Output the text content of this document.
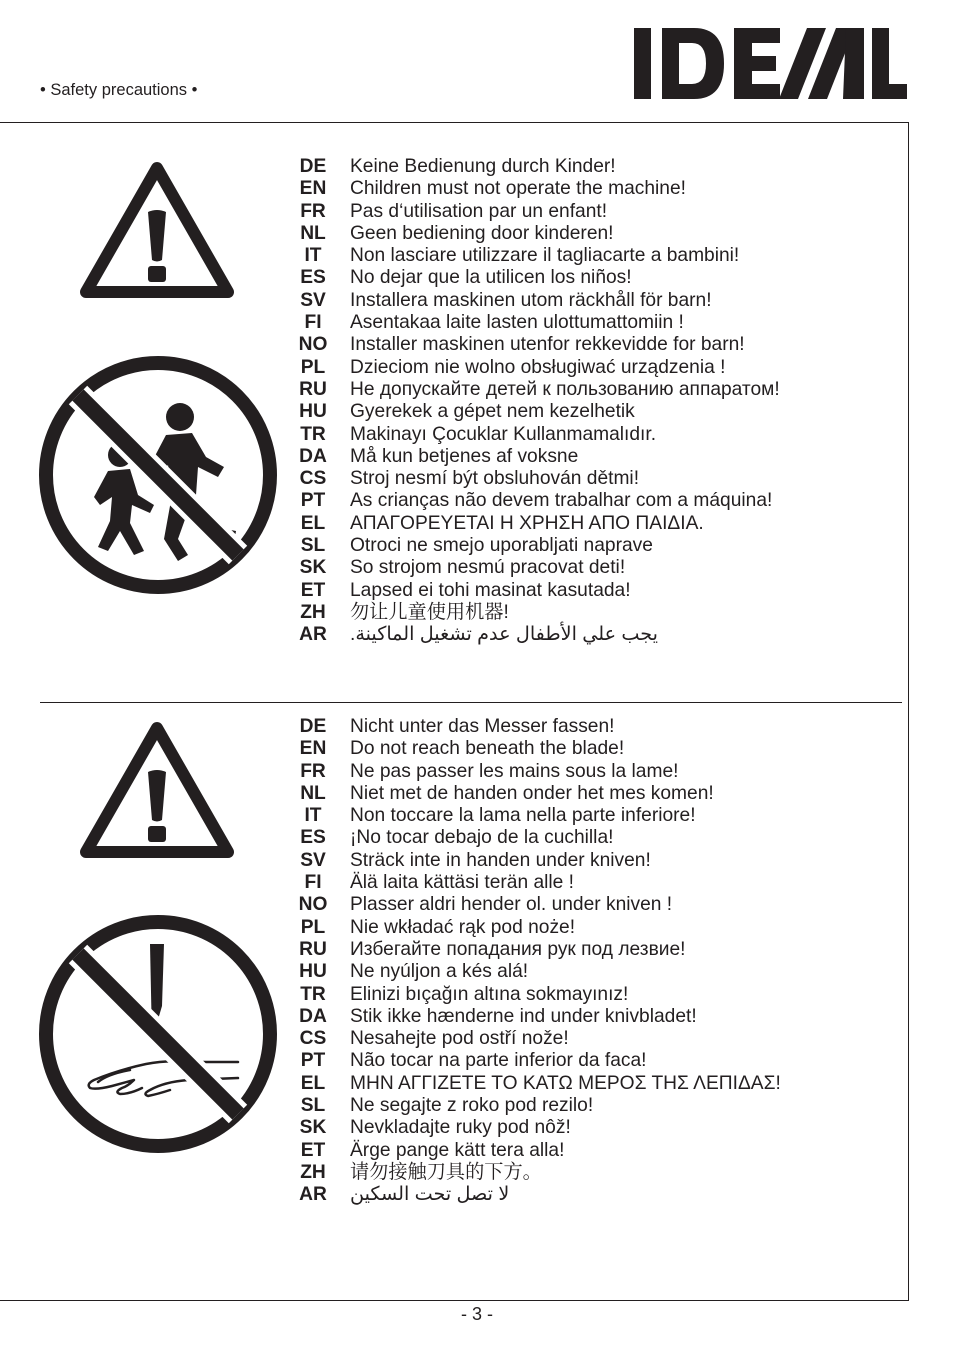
• Safety precautions •
DE Keine Bedienung durch Kinder!
EN Children must not operate the machine!
FR Pas d‘utilisation par un enfant!
NL Geen bediening door kinderen!
IT Non lasciare utilizzare il tagliacarte a bambini!
ES No dejar que la utilicen los niños!
SV Installera maskinen utom räckhåll för barn!
FI Asentakaa laite lasten ulottumattomiin !
NO Installer maskinen utenfor rekkevidde for barn!
PL Dzieciom nie wolno obsługiwać urządzenia !
RU Не допускайте детей к пользованию аппаратом!
HU Gyerekek a gépet nem kezelhetik
TR Makinayı Çocuklar Kullanmamalıdır.
DA Må kun betjenes af voksne
CS Stroj nesmí být obsluhován dětmi!
PT As crianças não devem trabalhar com a máquina!
EL ΑΠΑΓΟΡΕΥΕΤΑΙ Η ΧΡΗΣΗ ΑΠΟ ΠΑΙΔΙΑ.
SL Otroci ne smejo uporabljati naprave
SK So strojom nesmú pracovat deti!
ET Lapsed ei tohi masinat kasutada!
ZH 勿让儿童使用机器!
AR يجب علي الأطفال عدم تشغيل الماكينة.
DE Nicht unter das Messer fassen!
EN Do not reach beneath the blade!
FR Ne pas passer les mains sous la lame!
NL Niet met de handen onder het mes komen!
IT Non toccare la lama nella parte inferiore!
ES ¡No tocar debajo de la cuchilla!
SV Sträck inte in handen under kniven!
FI Älä laita kättäsi terän alle !
NO Plasser aldri hender ol. under kniven !
PL Nie wkładać rąk pod noże!
RU Избегайте попадания рук под лезвие!
HU Ne nyúljon a kés alá!
TR Elinizi bıçağın altına sokmayınız!
DA Stik ikke hænderne ind under knivbladet!
CS Nesahejte pod ostří nože!
PT Não tocar na parte inferior da faca!
EL ΜΗΝ ΑΓΓΙΖΕΤΕ ΤΟ ΚΑΤΩ ΜΕΡΟΣ ΤΗΣ ΛΕΠΙΔΑΣ!
SL Ne segajte z roko pod rezilo!
SK Nevkladajte ruky pod nôž!
ET Ärge pange kätt tera alla!
ZH 请勿接触刀具的下方。
AR لا تصل تحت السكين
- 3 -
